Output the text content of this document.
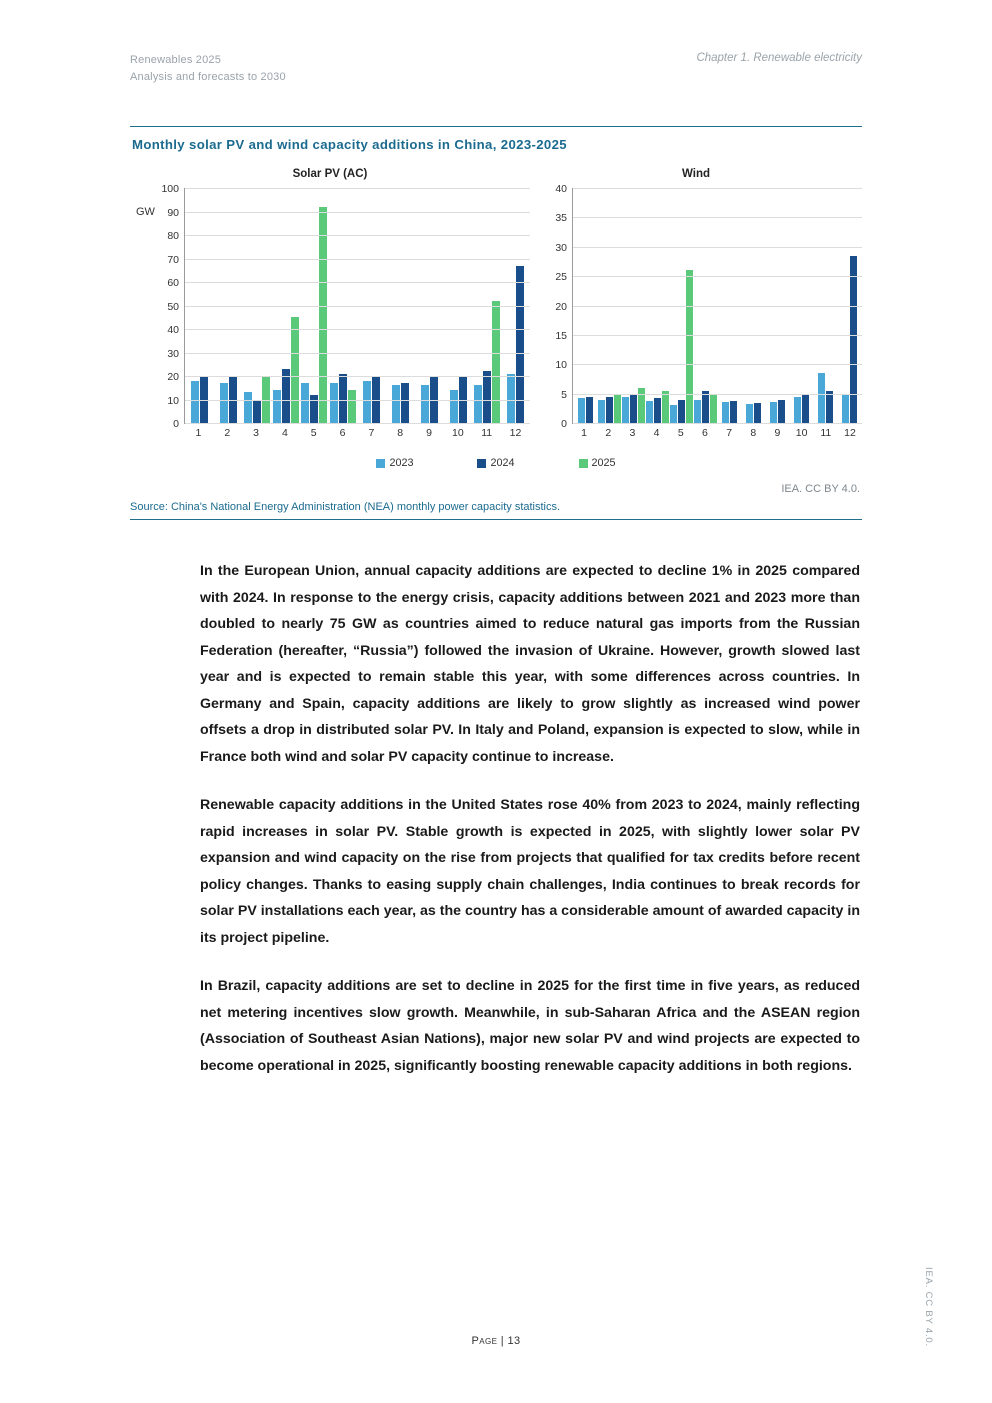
Renewables 2025
Analysis and forecasts to 2030
Chapter 1. Renewable electricity
Monthly solar PV and wind capacity additions in China, 2023-2025
Solar PV (AC)
GW
0
10
20
30
40
50
60
70
80
90
100
1	2	3	4	5	6	7	8	9	10	11	12
Wind
0
5
10
15
20
25
30
35
40
1	2	3	4	5	6	7	8	9	10	11	12
2023	2024	2025
IEA. CC BY 4.0.
Source: China's National Energy Administration (NEA) monthly power capacity statistics.

In the European Union, annual capacity additions are expected to decline 1% in 2025 compared with 2024. In response to the energy crisis, capacity additions between 2021 and 2023 more than doubled to nearly 75 GW as countries aimed to reduce natural gas imports from the Russian Federation (hereafter, “Russia”) followed the invasion of Ukraine. However, growth slowed last year and is expected to remain stable this year, with some differences across countries. In Germany and Spain, capacity additions are likely to grow slightly as increased wind power offsets a drop in distributed solar PV. In Italy and Poland, expansion is expected to slow, while in France both wind and solar PV capacity continue to increase.

Renewable capacity additions in the United States rose 40% from 2023 to 2024, mainly reflecting rapid increases in solar PV. Stable growth is expected in 2025, with slightly lower solar PV expansion and wind capacity on the rise from projects that qualified for tax credits before recent policy changes. Thanks to easing supply chain challenges, India continues to break records for solar PV installations each year, as the country has a considerable amount of awarded capacity in its project pipeline.

In Brazil, capacity additions are set to decline in 2025 for the first time in five years, as reduced net metering incentives slow growth. Meanwhile, in sub-Saharan Africa and the ASEAN region (Association of Southeast Asian Nations), major new solar PV and wind projects are expected to become operational in 2025, significantly boosting renewable capacity additions in both regions.

Page | 13	IEA. CC BY 4.0.
